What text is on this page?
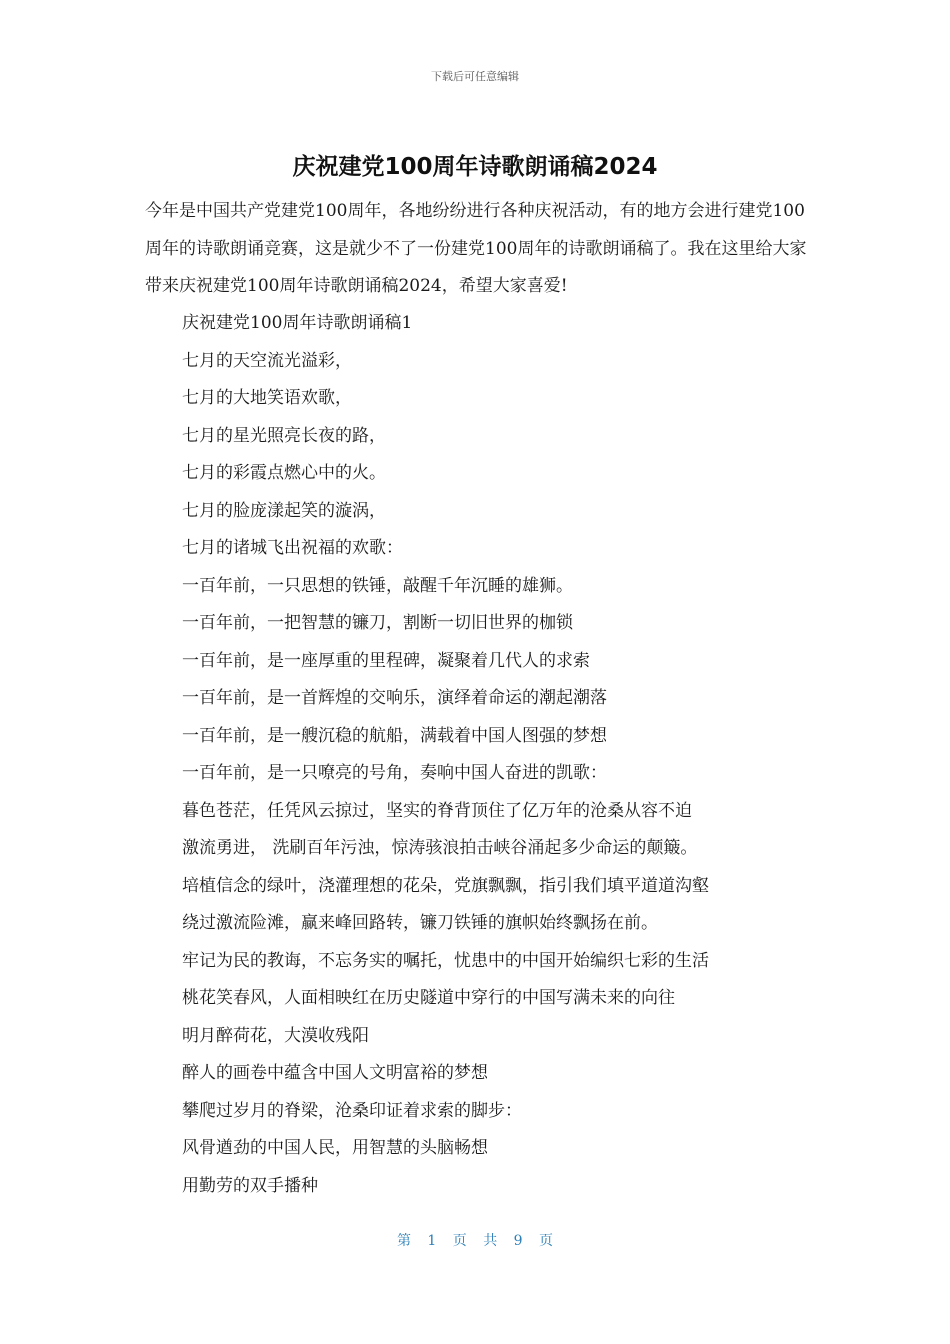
下载后可任意编辑
庆祝建党100周年诗歌朗诵稿2024

今年是中国共产党建党100周年，各地纷纷进行各种庆祝活动，有的地方会进行建党100周年的诗歌朗诵竞赛，这是就少不了一份建党100周年的诗歌朗诵稿了。我在这里给大家带来庆祝建党100周年诗歌朗诵稿2024，希望大家喜爱!

庆祝建党100周年诗歌朗诵稿1
七月的天空流光溢彩，
七月的大地笑语欢歌，
七月的星光照亮长夜的路，
七月的彩霞点燃心中的火。
七月的脸庞漾起笑的漩涡，
七月的诸城飞出祝福的欢歌：
一百年前，一只思想的铁锤，敲醒千年沉睡的雄狮。
一百年前，一把智慧的镰刀，割断一切旧世界的枷锁
一百年前，是一座厚重的里程碑，凝聚着几代人的求索
一百年前，是一首辉煌的交响乐，演绎着命运的潮起潮落
一百年前，是一艘沉稳的航船，满载着中国人图强的梦想
一百年前，是一只嘹亮的号角，奏响中国人奋进的凯歌：
暮色苍茫，任凭风云掠过，坚实的脊背顶住了亿万年的沧桑从容不迫
激流勇进， 洗刷百年污浊，惊涛骇浪拍击峡谷涌起多少命运的颠簸。
培植信念的绿叶，浇灌理想的花朵，党旗飘飘，指引我们填平道道沟壑
绕过激流险滩，赢来峰回路转，镰刀铁锤的旗帜始终飘扬在前。
牢记为民的教诲，不忘务实的嘱托，忧患中的中国开始编织七彩的生活
桃花笑春风，人面相映红在历史隧道中穿行的中国写满未来的向往
明月醉荷花，大漠收残阳
醉人的画卷中蕴含中国人文明富裕的梦想
攀爬过岁月的脊梁，沧桑印证着求索的脚步：
风骨遒劲的中国人民，用智慧的头脑畅想
用勤劳的双手播种
第 1 页 共 9 页
